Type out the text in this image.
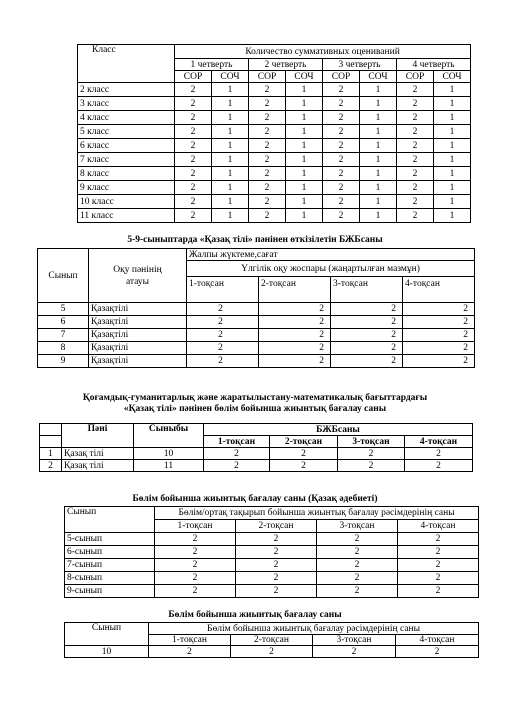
Класс	Количество суммативных оцениваний							
	1 четверть		2 четверть		3 четверть		4 четверть	
	СОР	СОЧ	СОР	СОЧ	СОР	СОЧ	СОР	СОЧ
2 класс	2	1	2	1	2	1	2	1
3 класс	2	1	2	1	2	1	2	1
4 класс	2	1	2	1	2	1	2	1
5 класс	2	1	2	1	2	1	2	1
6 класс	2	1	2	1	2	1	2	1
7 класс	2	1	2	1	2	1	2	1
8 класс	2	1	2	1	2	1	2	1
9 класс	2	1	2	1	2	1	2	1
10 класс	2	1	2	1	2	1	2	1
11 класс	2	1	2	1	2	1	2	1
5-9-сыныптарда «Қазақ тілі» пәнінен өткізілетін БЖБсаны
Сынып	Оқу пәнінің атауы	Жалпы жүктеме,сағат			
		Үлгілік оқу жоспары (жаңартылған мазмұн)			
		1-тоқсан	2-тоқсан	3-тоқсан	4-тоқсан
5	Қазақтілі	2	2	2	2
6	Қазақтілі	2	2	2	2
7	Қазақтілі	2	2	2	2
8	Қазақтілі	2	2	2	2
9	Қазақтілі	2	2	2	2
Қоғамдық-гуманитарлық және жаратылыстану-математикалық бағыттардағы
«Қазақ тілі» пәнінен бөлім бойынша жиынтық бағалау саны
	Пәні	Сыныбы	БЖБсаны			
			1-тоқсан	2-тоқсан	3-тоқсан	4-тоқсан
1	Қазақ тілі	10	2	2	2	2
2	Қазақ тілі	11	2	2	2	2
Бөлім бойынша жиынтық бағалау саны (Қазақ әдебиеті)
Сынып	Бөлім/ортақ тақырып бойынша жиынтық бағалау рәсімдерінің саны			
	1-тоқсан	2-тоқсан	3-тоқсан	4-тоқсан
5-сынып	2	2	2	2
6-сынып	2	2	2	2
7-сынып	2	2	2	2
8-сынып	2	2	2	2
9-сынып	2	2	2	2
Бөлім бойынша жиынтық бағалау саны
Сынып	Бөлім бойынша жиынтық бағалау рәсімдерінің саны			
	1-тоқсан	2-тоқсан	3-тоқсан	4-тоқсан
10	2	2	2	2
